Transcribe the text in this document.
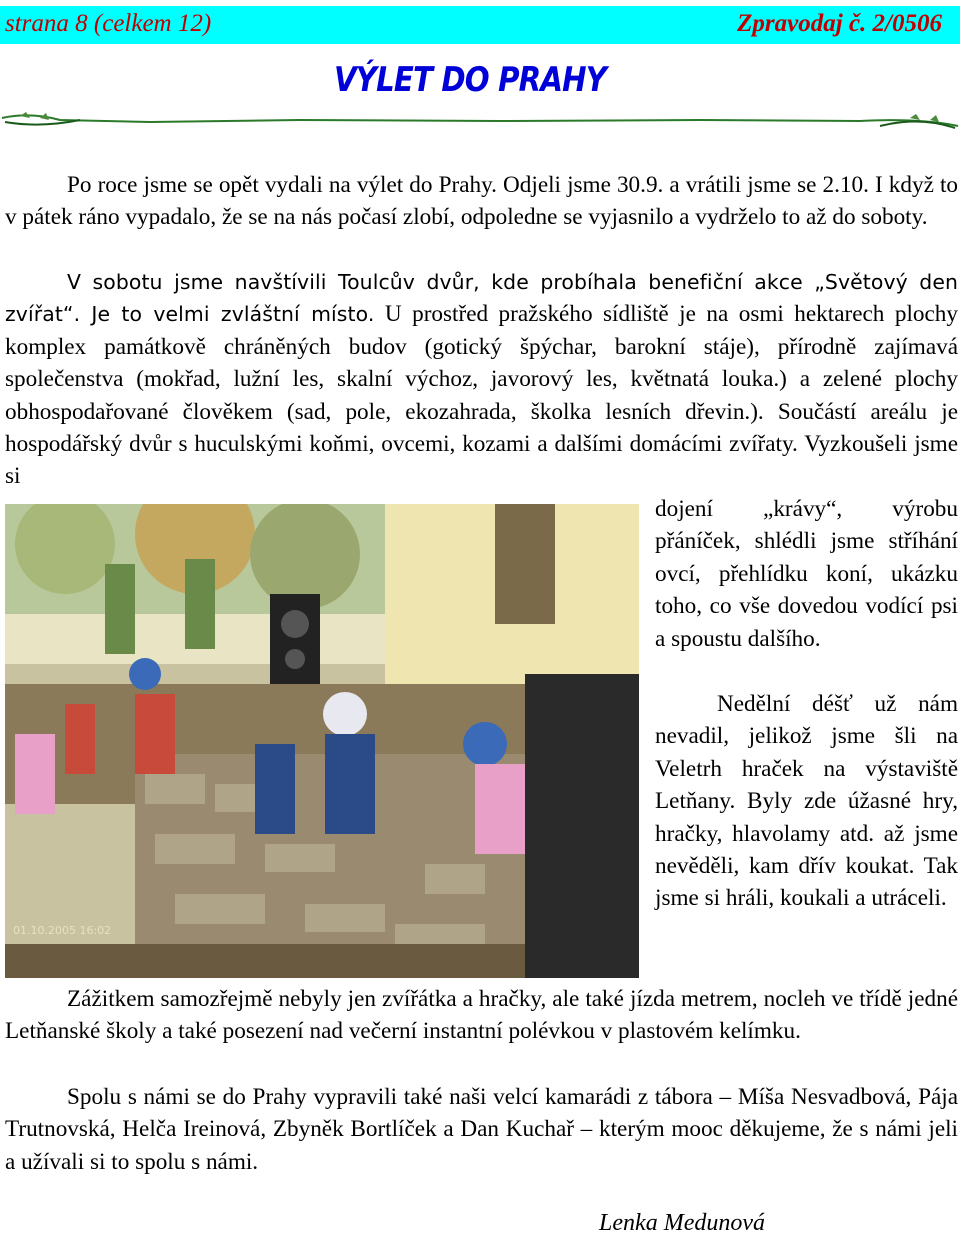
strana 8 (celkem 12)	Zpravodaj č. 2/0506
VÝLET DO PRAHY

Po roce jsme se opět vydali na výlet do Prahy. Odjeli jsme 30.9. a vrátili jsme se 2.10. I když to v pátek ráno vypadalo, že se na nás počasí zlobí, odpoledne se vyjasnilo a vydrželo to až do soboty.

V sobotu jsme navštívili Toulcův dvůr, kde probíhala benefiční akce „Světový den zvířat“. Je to velmi zvláštní místo. U prostřed pražského sídliště je na osmi hektarech plochy komplex památkově chráněných budov (gotický špýchar, barokní stáje), přírodně zajímavá společenstva (mokřad, lužní les, skalní výchoz, javorový les, květnatá louka.) a zelené plochy obhospodařované člověkem (sad, pole, ekozahrada, školka lesních dřevin.). Součástí areálu je hospodářský dvůr s huculskými koňmi, ovcemi, kozami a dalšími domácími zvířaty. Vyzkoušeli jsme si

01.10.2005 16:02

dojení „krávy“, výrobu přáníček, shlédli jsme stříhání ovcí, přehlídku koní, ukázku toho, co vše dovedou vodící psi a spoustu dalšího.

Nedělní déšť už nám nevadil, jelikož jsme šli na Veletrh hraček na výstaviště Letňany. Byly zde úžasné hry, hračky, hlavolamy atd. až jsme nevěděli, kam dřív koukat. Tak jsme si hráli, koukali a utráceli.

Zážitkem samozřejmě nebyly jen zvířátka a hračky, ale také jízda metrem, nocleh ve třídě jedné Letňanské školy a také posezení nad večerní instantní polévkou v plastovém kelímku.

Spolu s námi se do Prahy vypravili také naši velcí kamarádi z tábora – Míša Nesvadbová, Pája Trutnovská, Helča Ireinová, Zbyněk Bortlíček a Dan Kuchař – kterým mooc děkujeme, že s námi jeli a užívali si to spolu s námi.

Lenka Medunová
